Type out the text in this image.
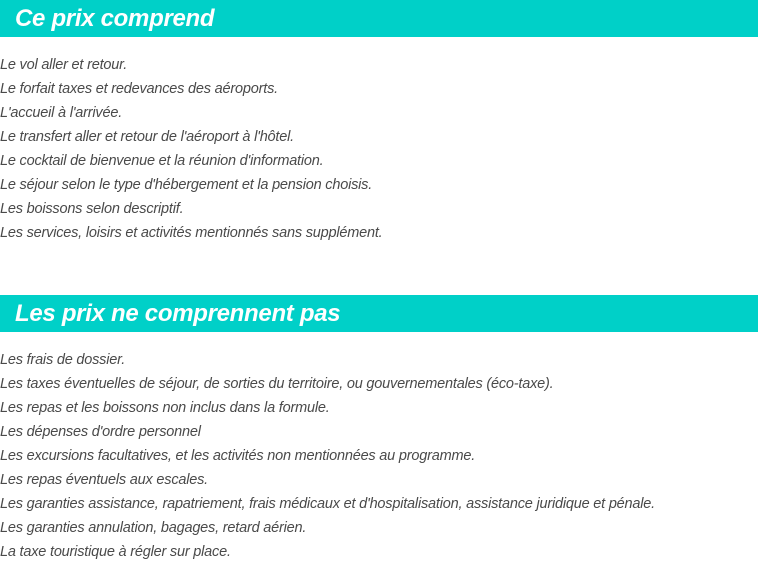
Ce prix comprend
Le vol aller et retour.
Le forfait taxes et redevances des aéroports.
L'accueil à l'arrivée.
Le transfert aller et retour de l'aéroport à l'hôtel.
Le cocktail de bienvenue et la réunion d'information.
Le séjour selon le type d'hébergement et la pension choisis.
Les boissons selon descriptif.
Les services, loisirs et activités mentionnés sans supplément.
Les prix ne comprennent pas
Les frais de dossier.
Les taxes éventuelles de séjour, de sorties du territoire, ou gouvernementales (éco-taxe).
Les repas et les boissons non inclus dans la formule.
Les dépenses d'ordre personnel
Les excursions facultatives, et les activités non mentionnées au programme.
Les repas éventuels aux escales.
Les garanties assistance, rapatriement, frais médicaux et d'hospitalisation, assistance juridique et pénale.
Les garanties annulation, bagages, retard aérien.
La taxe touristique à régler sur place.
